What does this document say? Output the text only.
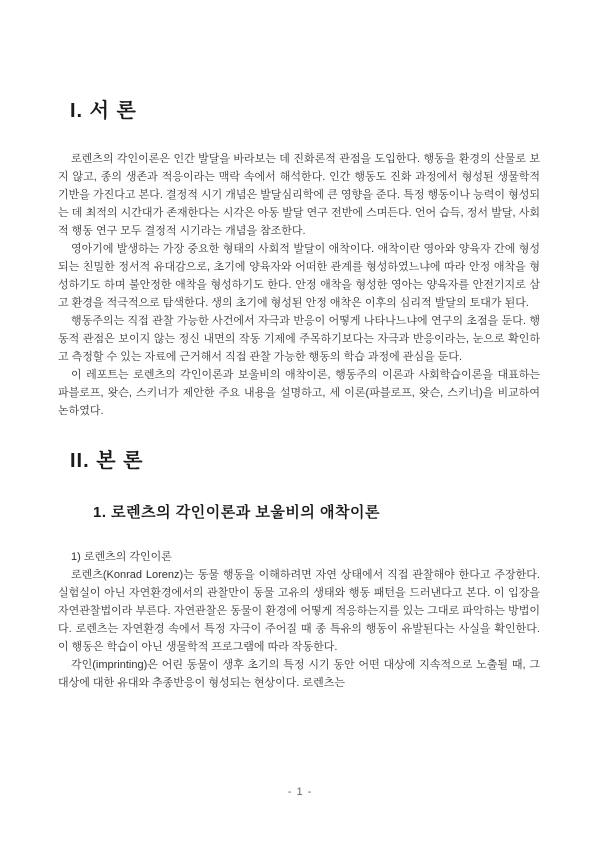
I. 서 론

로렌츠의 각인이론은 인간 발달을 바라보는 데 진화론적 관점을 도입한다. 행동을 환경의 산물로 보지 않고, 종의 생존과 적응이라는 맥락 속에서 해석한다. 인간 행동도 진화 과정에서 형성된 생물학적 기반을 가진다고 본다. 결정적 시기 개념은 발달심리학에 큰 영향을 준다. 특정 행동이나 능력이 형성되는 데 최적의 시간대가 존재한다는 시각은 아동 발달 연구 전반에 스며든다. 언어 습득, 정서 발달, 사회적 행동 연구 모두 결정적 시기라는 개념을 참조한다.

영아기에 발생하는 가장 중요한 형태의 사회적 발달이 애착이다. 애착이란 영아와 양육자 간에 형성되는 친밀한 정서적 유대감으로, 초기에 양육자와 어떠한 관계를 형성하였느냐에 따라 안정 애착을 형성하기도 하며 불안정한 애착을 형성하기도 한다. 안정 애착을 형성한 영아는 양육자를 안전기지로 삼고 환경을 적극적으로 탐색한다. 생의 초기에 형성된 안정 애착은 이후의 심리적 발달의 토대가 된다.

행동주의는 직접 관찰 가능한 사건에서 자극과 반응이 어떻게 나타나느냐에 연구의 초점을 둔다. 행동적 관점은 보이지 않는 정신 내면의 작동 기제에 주목하기보다는 자극과 반응이라는, 눈으로 확인하고 측정할 수 있는 자료에 근거해서 직접 관찰 가능한 행동의 학습 과정에 관심을 둔다.

이 레포트는 로렌츠의 각인이론과 보울비의 애착이론, 행동주의 이론과 사회학습이론을 대표하는 파블로프, 왓슨, 스키너가 제안한 주요 내용을 설명하고, 세 이론(파블로프, 왓슨, 스키너)을 비교하여 논하였다.

II. 본 론
1. 로렌츠의 각인이론과 보울비의 애착이론

1) 로렌츠의 각인이론

로렌츠(Konrad Lorenz)는 동물 행동을 이해하려면 자연 상태에서 직접 관찰해야 한다고 주장한다. 실험실이 아닌 자연환경에서의 관찰만이 동물 고유의 생태와 행동 패턴을 드러낸다고 본다. 이 입장을 자연관찰법이라 부른다. 자연관찰은 동물이 환경에 어떻게 적응하는지를 있는 그대로 파악하는 방법이다. 로렌츠는 자연환경 속에서 특정 자극이 주어질 때 종 특유의 행동이 유발된다는 사실을 확인한다. 이 행동은 학습이 아닌 생물학적 프로그램에 따라 작동한다.

각인(imprinting)은 어린 동물이 생후 초기의 특정 시기 동안 어떤 대상에 지속적으로 노출될 때, 그 대상에 대한 유대와 추종반응이 형성되는 현상이다. 로렌츠는

- 1 -
